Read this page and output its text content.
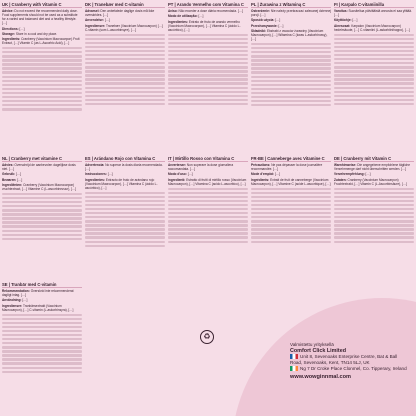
UK | Cranberry with Vitamin C

Advice: Do not exceed the recommended daily dose. Food supplements should not be used as a substitute for a varied and balanced diet and a healthy lifestyle. […]

Directions: […]

Storage: Store in a cool and dry place.

Ingredients: Cranberry (Vaccinium Macrocarpon) Fruit Extract, […] Vitamin C (as L-Ascorbic Acid), […]

DK | Tranebær med C-vitamin

Advarsel: Den anbefalede daglige dosis må ikke overskrides. […]

Anvendelse: […]

Ingredienser: Tranebær (Vaccinium Macrocarpon) […] C-vitamin (som L-ascorbinsyre), […]

PT | Arando Vermelho com Vitamina C

Aviso: Não exceder a dose diária recomendada. […]

Modo de utilização: […]

Ingredientes: Extrato de fruto de arando vermelho (Vaccinium Macrocarpon), […] Vitamina C (ácido L-ascórbico), […]

PL | Żurawina z Witaminą C

Ostrzeżenie: Nie należy przekraczać zalecanej dziennej porcji. […]

Sposób użycia: […]

Przechowywanie: […]

Składniki: Ekstrakt z owoców żurawiny (Vaccinium Macrocarpon), […] Witamina C (kwas L-askorbinowy), […]

FI | Karpalo C-vitamiinilla

Varoitus: Suositeltua päivittäistä annosta ei saa ylittää. […]

Käyttöohje: […]

Ainesosat: Karpalon (Vaccinium Macrocarpon) hedelmäuute, […] C-vitamiini (L-askorbiinihappo), […]

NL | Cranberry met vitamine C

Advies: Overschrijd de aanbevolen dagelijkse dosis niet. […]

Gebruik: […]

Bewaren: […]

Ingrediënten: Cranberry (Vaccinium Macrocarpon) vruchtextract, […] Vitamine C (L-ascorbinezuur), […]

ES | Arándano Rojo con Vitamina C

Advertencia: No superar la dosis diaria recomendada. […]

Instrucciones: […]

Ingredientes: Extracto de fruto de arándano rojo (Vaccinium Macrocarpon), […] Vitamina C (ácido L-ascórbico), […]

IT | Mirtillo Rosso con Vitamina C

Avvertenze: Non superare la dose giornaliera raccomandata. […]

Modo d'uso: […]

Ingredienti: Estratto di frutti di mirtillo rosso (Vaccinium Macrocarpon), […] Vitamina C (acido L-ascorbico), […]

FR-BE | Canneberge avec Vitamine C

Précautions: Ne pas dépasser la dose journalière recommandée. […]

Mode d'emploi: […]

Ingrédients: Extrait de fruit de canneberge (Vaccinium Macrocarpon), […] Vitamine C (acide L-ascorbique), […]

DE | Cranberry mit Vitamin C

Warnhinweise: Die angegebene empfohlene tägliche Verzehrmenge darf nicht überschritten werden. […]

Verzehrempfehlung: […]

Zutaten: Cranberry (Vaccinium Macrocarpon) Fruchtextrakt, […] Vitamin C (L-Ascorbinsäure), […]

SE | Tranbär med C-vitamin

Rekommendation: Överskrid inte rekommenderat dagligt intag. […]

Användning: […]

Ingredienser: Tranbärsextrakt (Vaccinium Macrocarpon), […] C-vitamin (L-askorbinsyra), […]

♻
Valmistettu yrityksellä
Comfort Click Limited
Unit 8, Sevenoaks Enterprise Centre, Bat & Ball Road, Sevenoaks, Kent, TN14 5LJ, UK
Ng 7 Dr Croke Place Clonmel, Co. Tipperary, Ireland
www.wowginnmal.com
